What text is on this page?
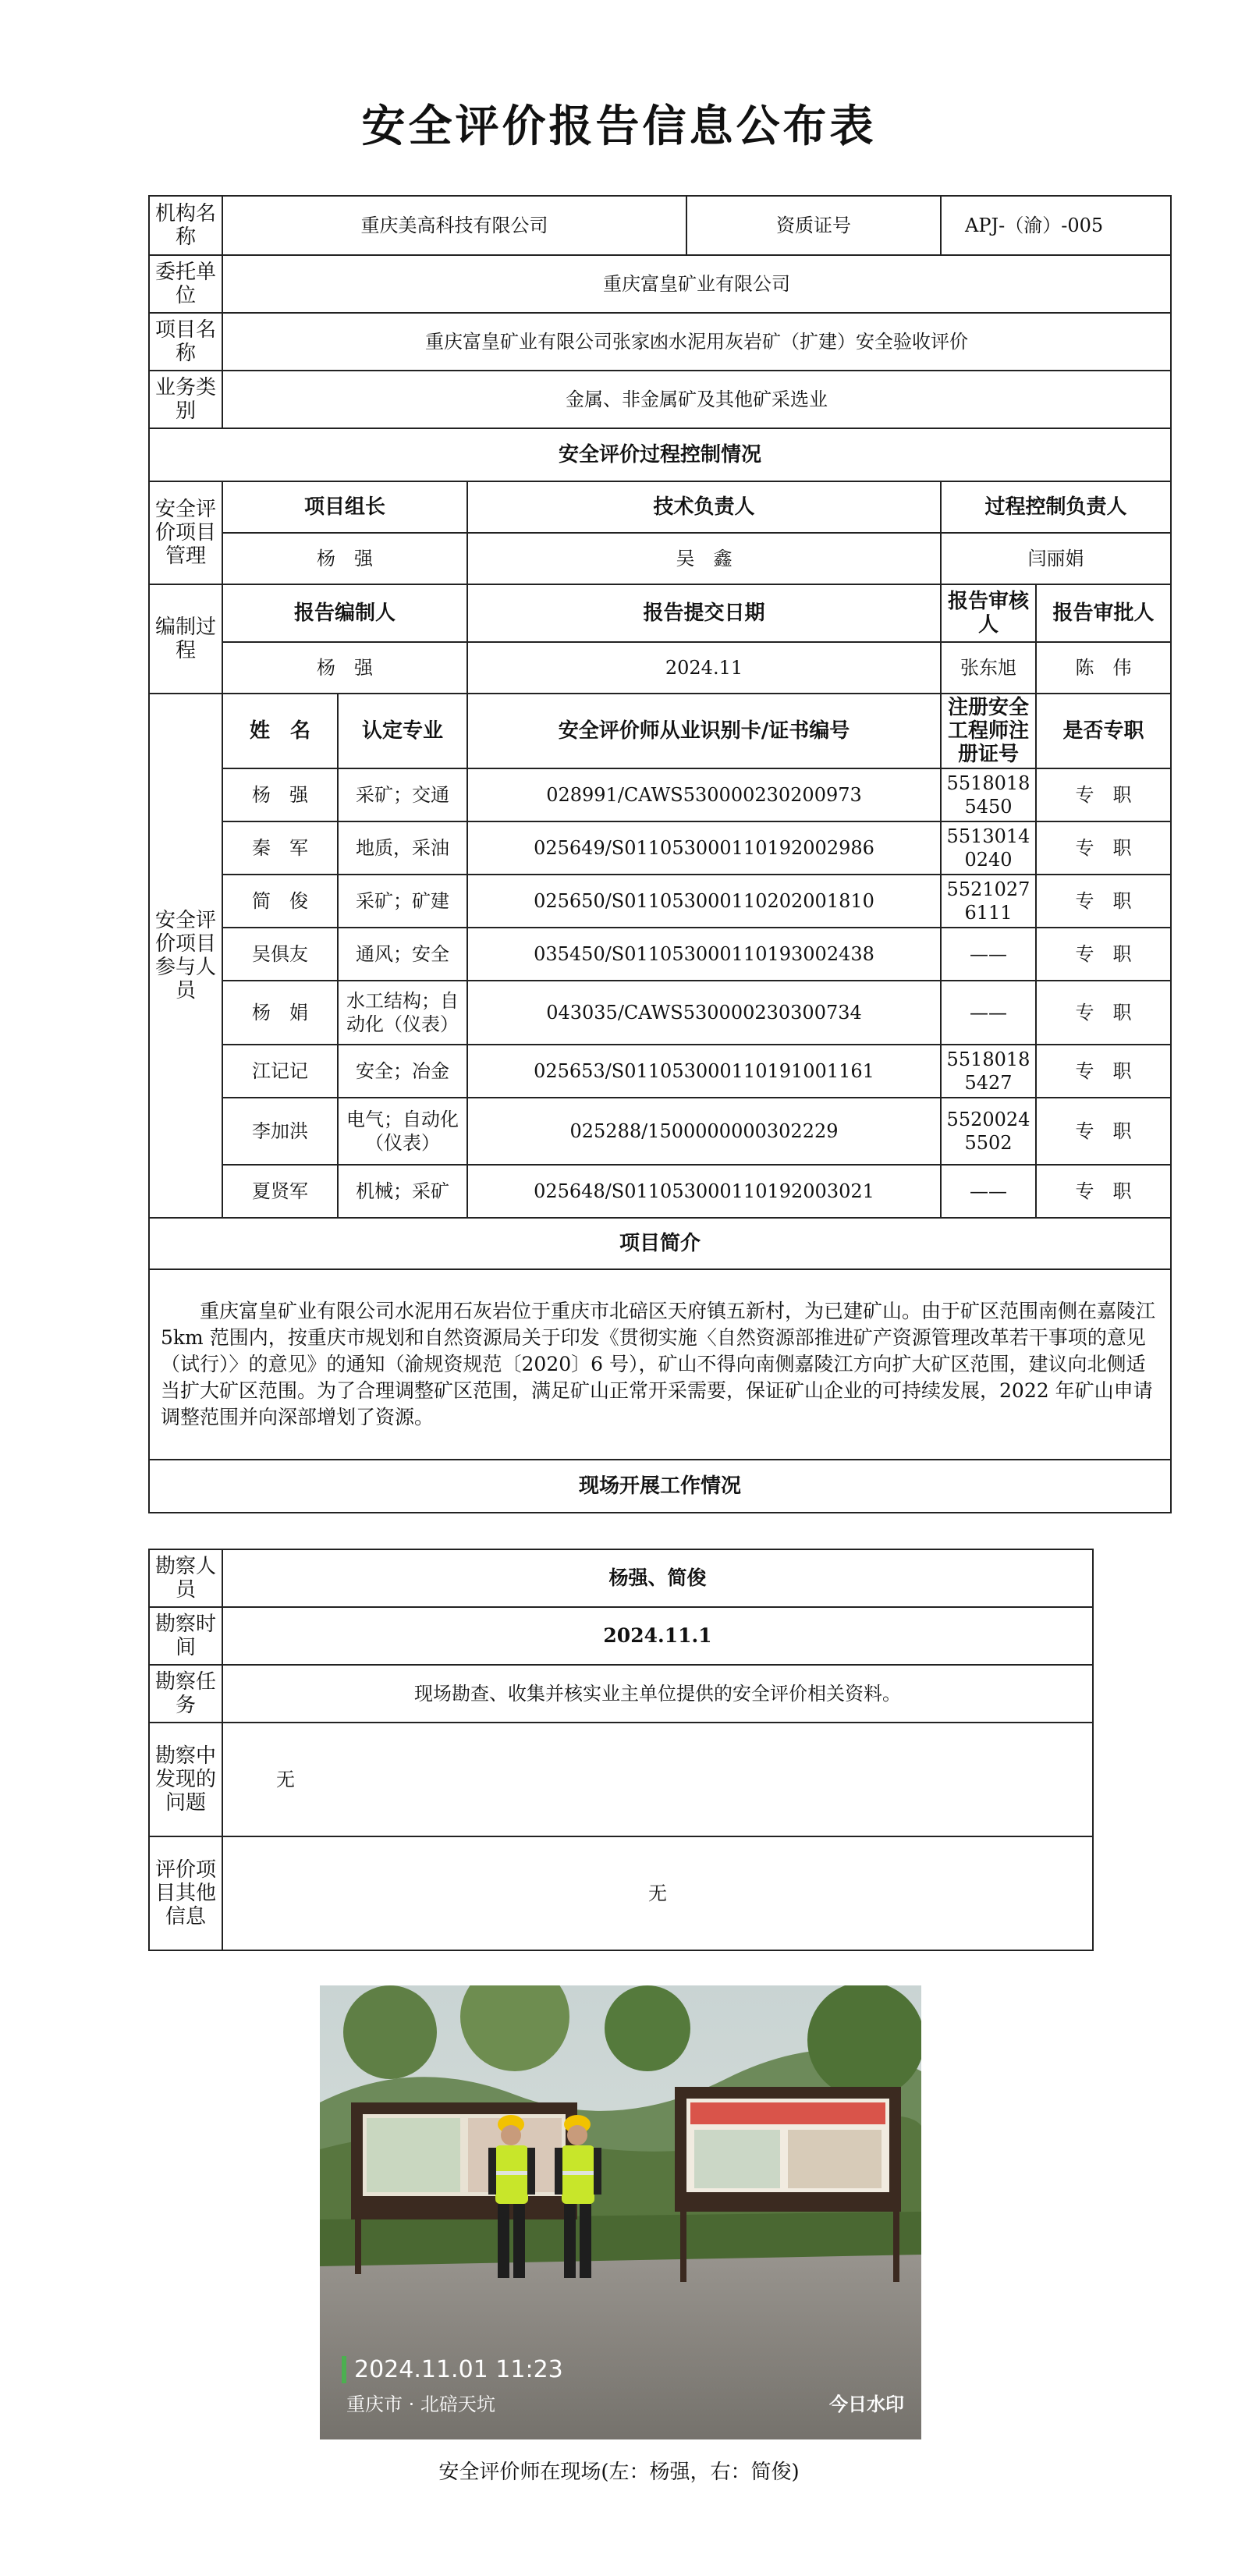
安全评价报告信息公布表
机构名称	重庆美高科技有限公司			资质证号	APJ-（渝）-005	
委托单位	重庆富皇矿业有限公司					
项目名称	重庆富皇矿业有限公司张家凼水泥用灰岩矿（扩建）安全验收评价					
业务类别	金属、非金属矿及其他矿采选业					
安全评价过程控制情况						
安全评价项目管理	项目组长		技术负责人		过程控制负责人	
	杨　强		吴　鑫		闫丽娟	
编制过程	报告编制人		报告提交日期		报告审核人	报告审批人
	杨　强		2024.11		张东旭	陈　伟
安全评价项目参与人员	姓　名	认定专业	安全评价师从业识别卡/证书编号		注册安全工程师注册证号	是否专职
	杨　强	采矿；交通	028991/CAWS530000230200973		55180185450	专　职
	秦　军	地质，采油	025649/S011053000110192002986		55130140240	专　职
	简　俊	采矿；矿建	025650/S011053000110202001810		55210276111	专　职
	吴俱友	通风；安全	035450/S011053000110193002438		——	专　职
	杨　娟	水工结构；自动化（仪表）	043035/CAWS530000230300734		——	专　职
	江记记	安全；冶金	025653/S011053000110191001161		55180185427	专　职
	李加洪	电气；自动化（仪表）	025288/1500000000302229		55200245502	专　职
	夏贤军	机械；采矿	025648/S011053000110192003021		——	专　职
项目简介						
重庆富皇矿业有限公司水泥用石灰岩位于重庆市北碚区天府镇五新村，为已建矿山。由于矿区范围南侧在嘉陵江 5km 范围内，按重庆市规划和自然资源局关于印发《贯彻实施〈自然资源部推进矿产资源管理改革若干事项的意见（试行）〉的意见》的通知（渝规资规范〔2020〕6 号），矿山不得向南侧嘉陵江方向扩大矿区范围，建议向北侧适当扩大矿区范围。为了合理调整矿区范围，满足矿山正常开采需要，保证矿山企业的可持续发展，2022 年矿山申请调整范围并向深部增划了资源。						
现场开展工作情况						
勘察人员	杨强、简俊
勘察时间	2024.11.1
勘察任务	现场勘查、收集并核实业主单位提供的安全评价相关资料。
勘察中发现的问题	无
评价项目其他信息	无
2024.11.01 11:23
重庆市 · 北碚天坑	今日水印
安全评价师在现场(左：杨强，右：简俊)
